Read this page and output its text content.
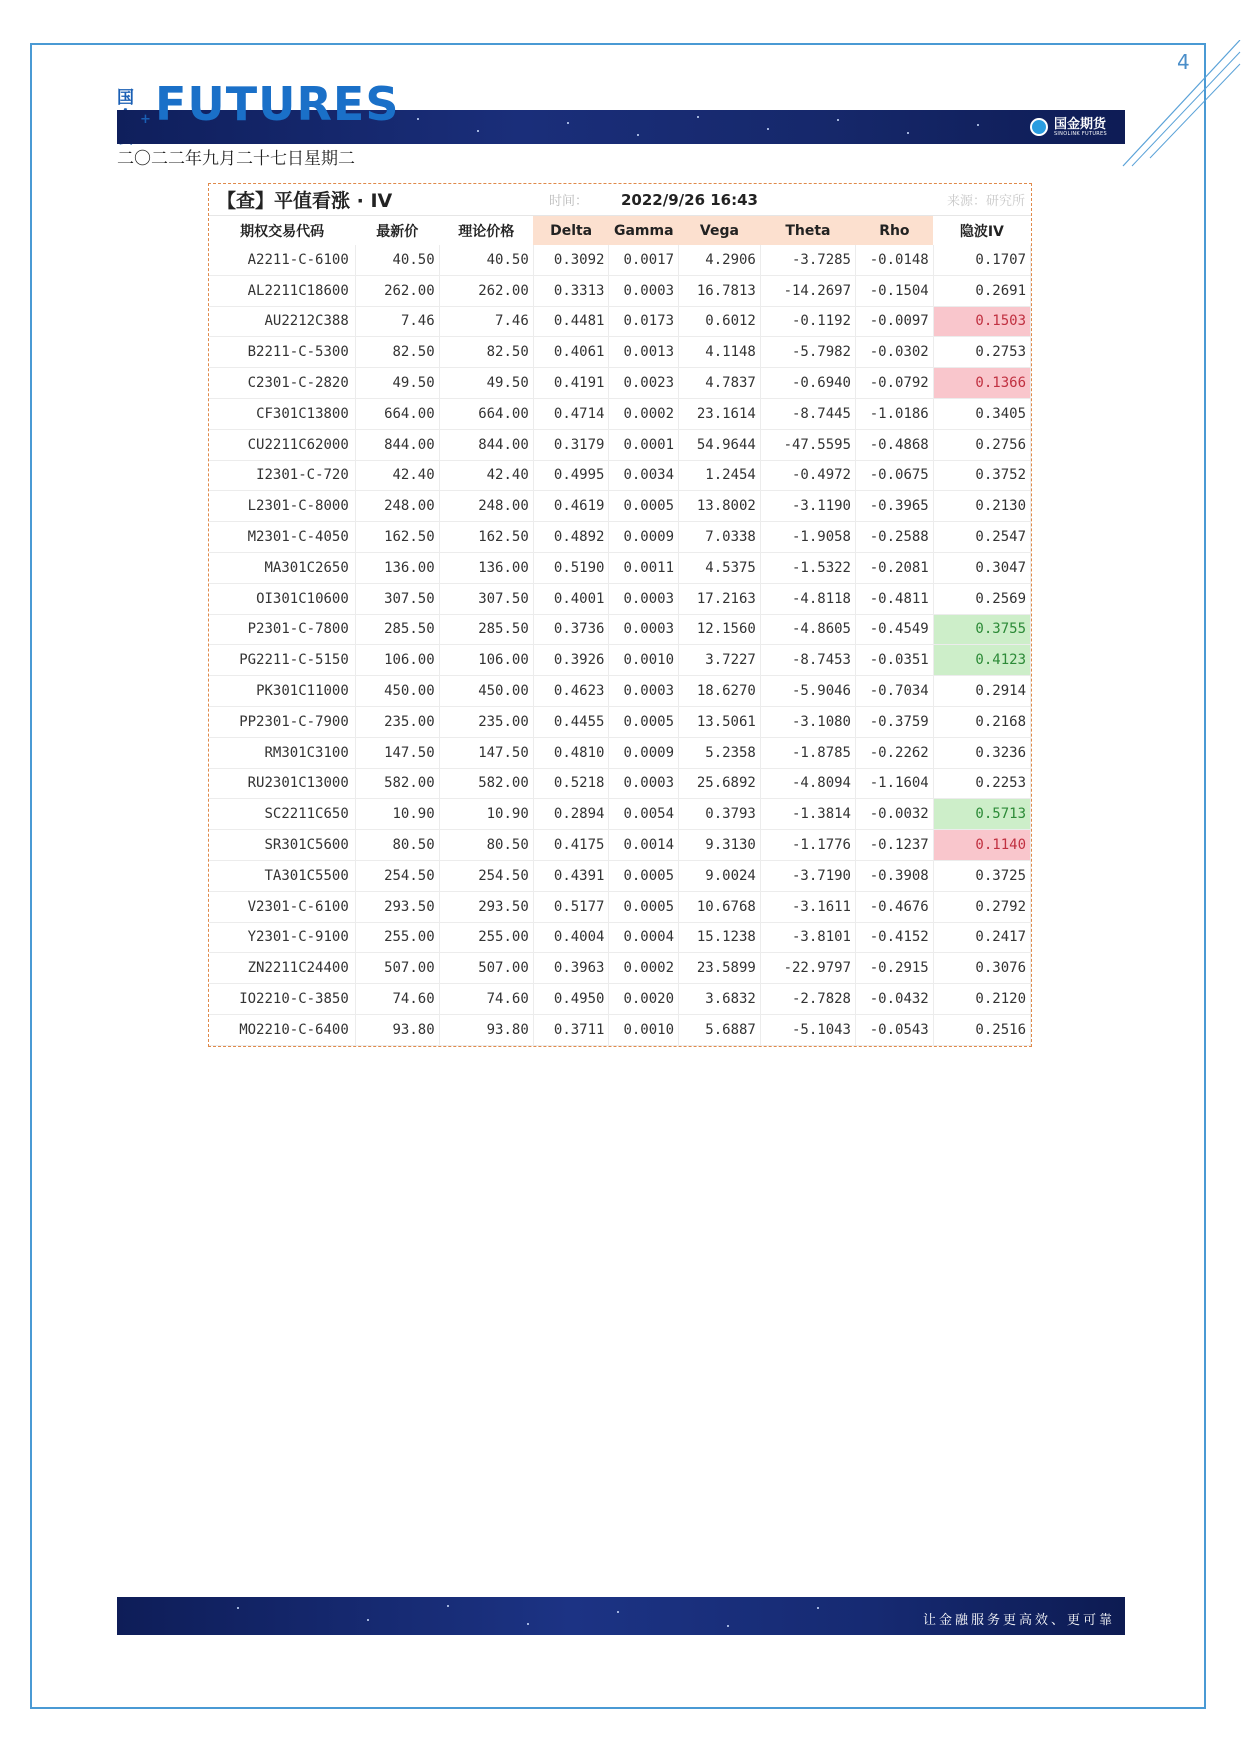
4
国
国金期货
SINOLINK FUTURES
+ FUTURES
二〇二二年九月二十七日星期二
【查】平值看涨 · IV	时间：	2022/9/26 16:43	来源：研究所
期权交易代码	最新价	理论价格	Delta	Gamma	Vega	Theta	Rho	隐波IV
A2211-C-6100	40.50	40.50	0.3092	0.0017	4.2906	-3.7285	-0.0148	0.1707
AL2211C18600	262.00	262.00	0.3313	0.0003	16.7813	-14.2697	-0.1504	0.2691
AU2212C388	7.46	7.46	0.4481	0.0173	0.6012	-0.1192	-0.0097	0.1503
B2211-C-5300	82.50	82.50	0.4061	0.0013	4.1148	-5.7982	-0.0302	0.2753
C2301-C-2820	49.50	49.50	0.4191	0.0023	4.7837	-0.6940	-0.0792	0.1366
CF301C13800	664.00	664.00	0.4714	0.0002	23.1614	-8.7445	-1.0186	0.3405
CU2211C62000	844.00	844.00	0.3179	0.0001	54.9644	-47.5595	-0.4868	0.2756
I2301-C-720	42.40	42.40	0.4995	0.0034	1.2454	-0.4972	-0.0675	0.3752
L2301-C-8000	248.00	248.00	0.4619	0.0005	13.8002	-3.1190	-0.3965	0.2130
M2301-C-4050	162.50	162.50	0.4892	0.0009	7.0338	-1.9058	-0.2588	0.2547
MA301C2650	136.00	136.00	0.5190	0.0011	4.5375	-1.5322	-0.2081	0.3047
OI301C10600	307.50	307.50	0.4001	0.0003	17.2163	-4.8118	-0.4811	0.2569
P2301-C-7800	285.50	285.50	0.3736	0.0003	12.1560	-4.8605	-0.4549	0.3755
PG2211-C-5150	106.00	106.00	0.3926	0.0010	3.7227	-8.7453	-0.0351	0.4123
PK301C11000	450.00	450.00	0.4623	0.0003	18.6270	-5.9046	-0.7034	0.2914
PP2301-C-7900	235.00	235.00	0.4455	0.0005	13.5061	-3.1080	-0.3759	0.2168
RM301C3100	147.50	147.50	0.4810	0.0009	5.2358	-1.8785	-0.2262	0.3236
RU2301C13000	582.00	582.00	0.5218	0.0003	25.6892	-4.8094	-1.1604	0.2253
SC2211C650	10.90	10.90	0.2894	0.0054	0.3793	-1.3814	-0.0032	0.5713
SR301C5600	80.50	80.50	0.4175	0.0014	9.3130	-1.1776	-0.1237	0.1140
TA301C5500	254.50	254.50	0.4391	0.0005	9.0024	-3.7190	-0.3908	0.3725
V2301-C-6100	293.50	293.50	0.5177	0.0005	10.6768	-3.1611	-0.4676	0.2792
Y2301-C-9100	255.00	255.00	0.4004	0.0004	15.1238	-3.8101	-0.4152	0.2417
ZN2211C24400	507.00	507.00	0.3963	0.0002	23.5899	-22.9797	-0.2915	0.3076
IO2210-C-3850	74.60	74.60	0.4950	0.0020	3.6832	-2.7828	-0.0432	0.2120
MO2210-C-6400	93.80	93.80	0.3711	0.0010	5.6887	-5.1043	-0.0543	0.2516
让金融服务更高效、更可靠
